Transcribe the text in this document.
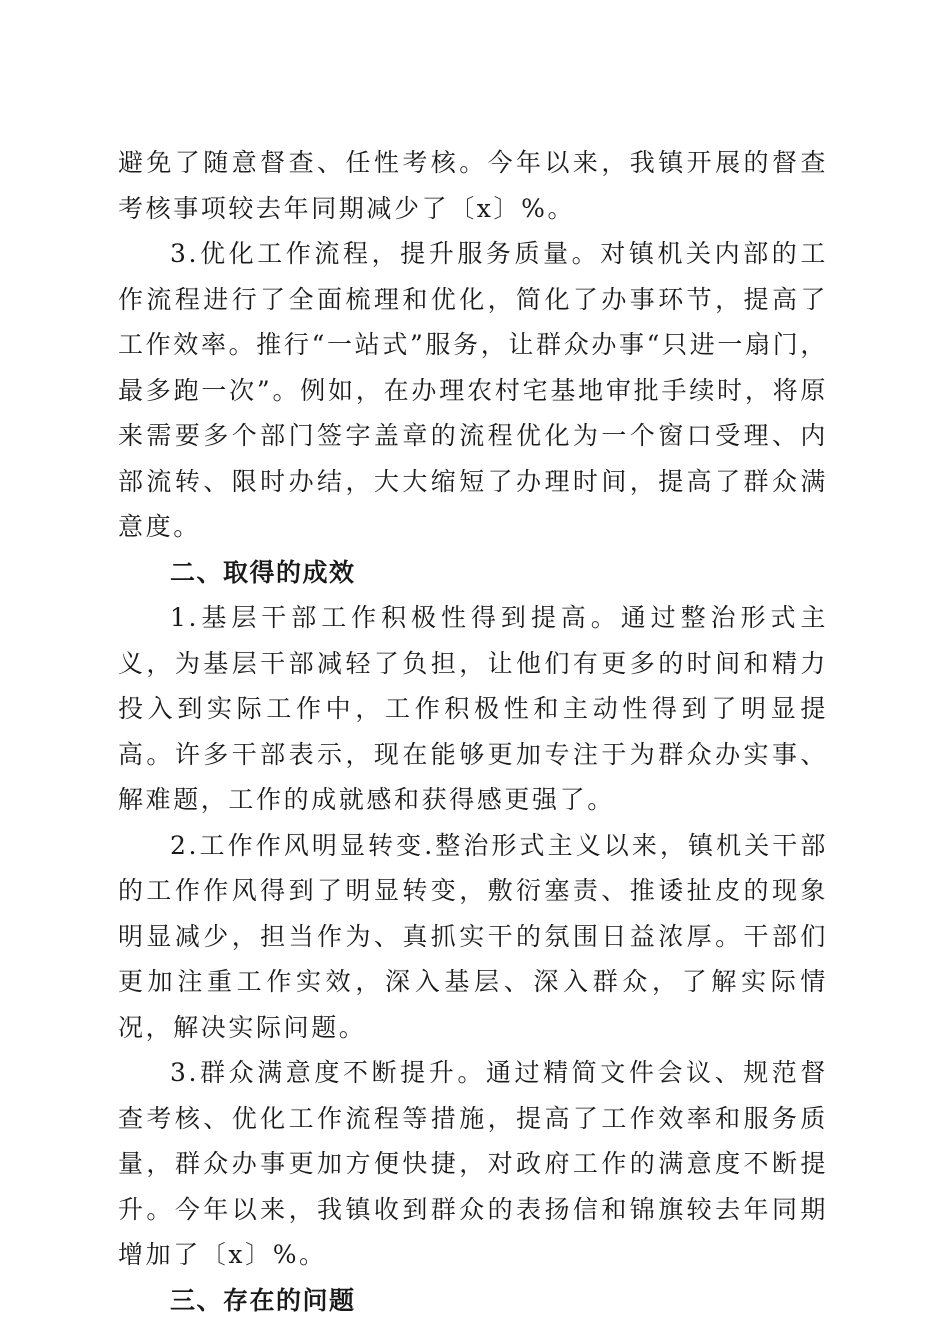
避免了随意督查、任性考核。今年以来，我镇开展的督查考核事项较去年同期减少了〔x〕%。

3.优化工作流程，提升服务质量。对镇机关内部的工作流程进行了全面梳理和优化，简化了办事环节，提高了工作效率。推行“一站式”服务，让群众办事“只进一扇门，最多跑一次”。例如，在办理农村宅基地审批手续时，将原来需要多个部门签字盖章的流程优化为一个窗口受理、内部流转、限时办结，大大缩短了办理时间，提高了群众满意度。

二、取得的成效

1.基层干部工作积极性得到提高。通过整治形式主义，为基层干部减轻了负担，让他们有更多的时间和精力投入到实际工作中，工作积极性和主动性得到了明显提高。许多干部表示，现在能够更加专注于为群众办实事、解难题，工作的成就感和获得感更强了。

2.工作作风明显转变.整治形式主义以来，镇机关干部的工作作风得到了明显转变，敷衍塞责、推诿扯皮的现象明显减少，担当作为、真抓实干的氛围日益浓厚。干部们更加注重工作实效，深入基层、深入群众，了解实际情况，解决实际问题。

3.群众满意度不断提升。通过精简文件会议、规范督查考核、优化工作流程等措施，提高了工作效率和服务质量，群众办事更加方便快捷，对政府工作的满意度不断提升。今年以来，我镇收到群众的表扬信和锦旗较去年同期增加了〔x〕%。

三、存在的问题
